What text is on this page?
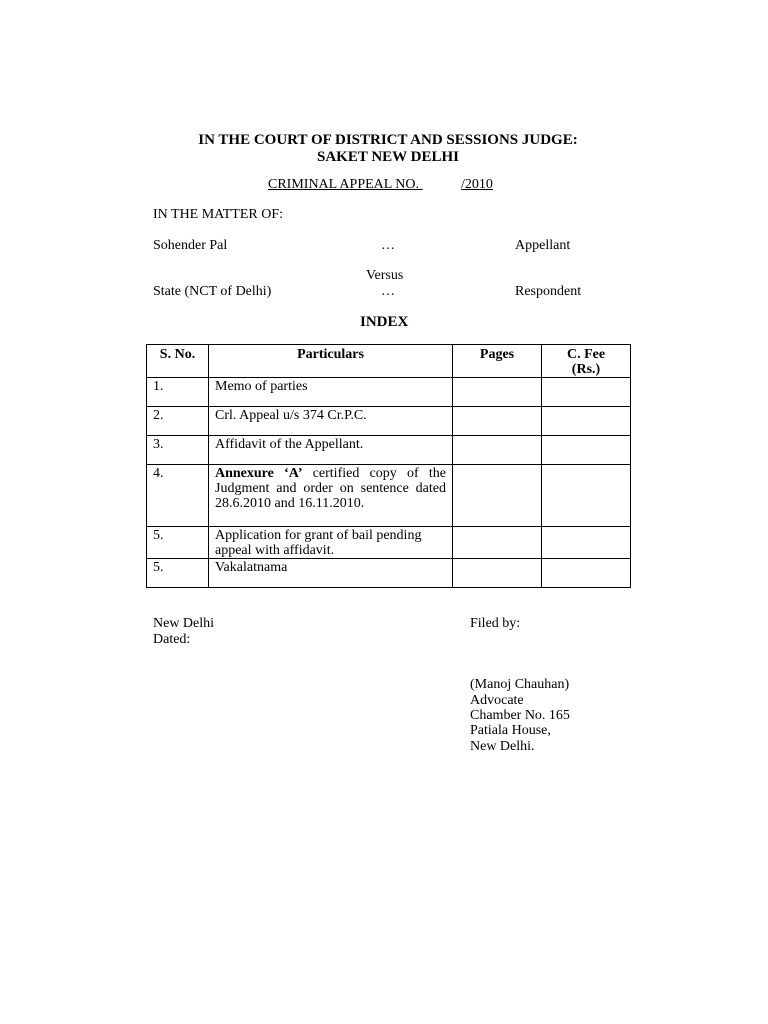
IN THE COURT OF DISTRICT AND SESSIONS JUDGE:
SAKET NEW DELHI
CRIMINAL APPEAL NO.	/2010
IN THE MATTER OF:
Sohender Pal	…	Appellant
Versus
State (NCT of Delhi)	…	Respondent
INDEX
S. No.	Particulars	Pages	C. Fee
(Rs.)
1.	Memo of parties		
2.	Crl. Appeal u/s 374 Cr.P.C.		
3.	Affidavit of the Appellant.		
4.	Annexure ‘A’ certified copy of the Judgment and order on sentence dated 28.6.2010 and 16.11.2010.		
5.	Application for grant of bail pending appeal with affidavit.		
5.	Vakalatnama		
New Delhi
Dated:
Filed by:
(Manoj Chauhan)
Advocate
Chamber No. 165
Patiala House,
New Delhi.
